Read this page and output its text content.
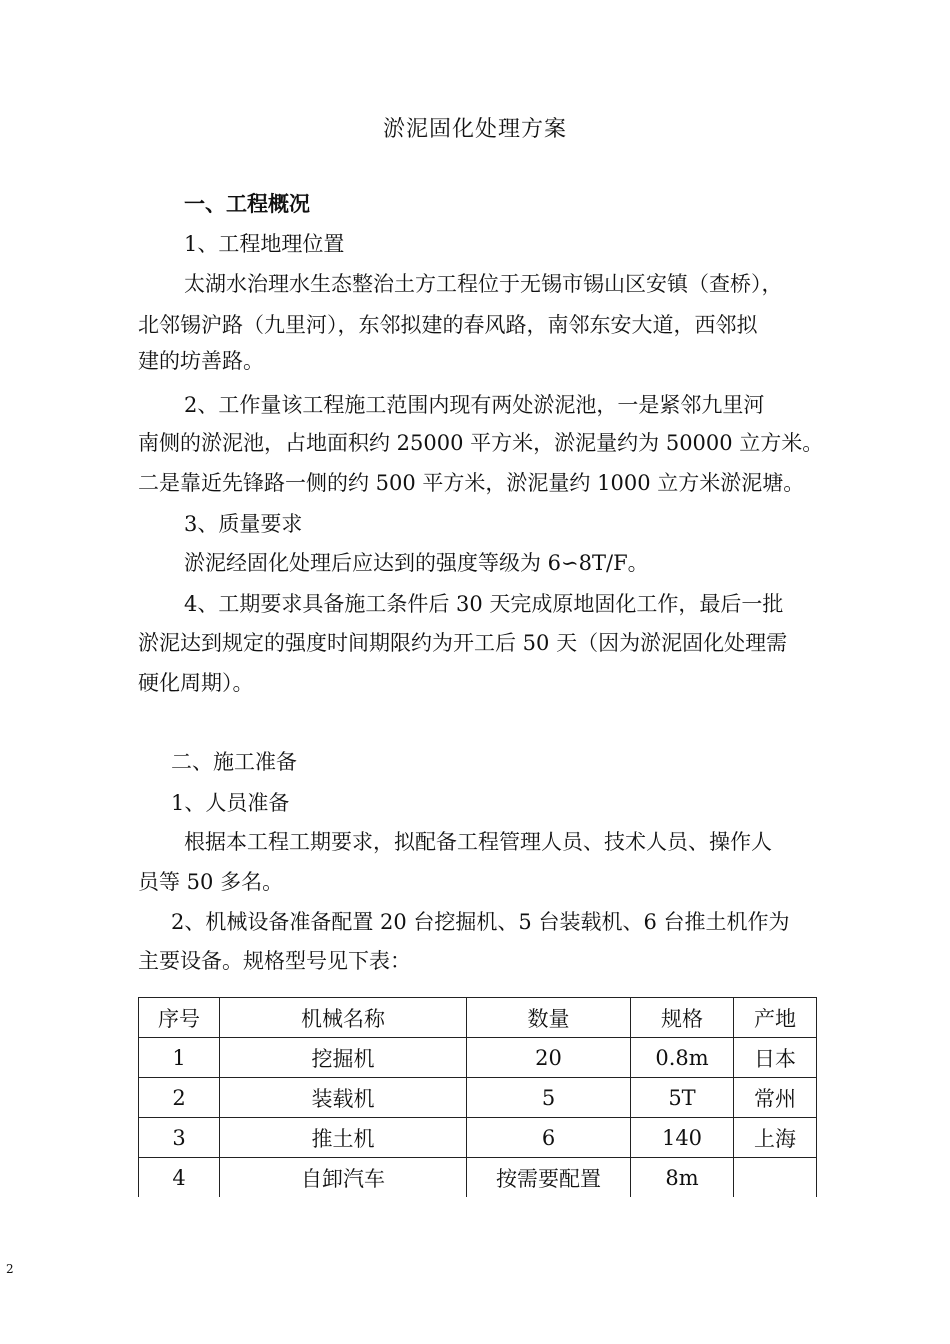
淤泥固化处理方案
一、工程概况
1、工程地理位置
太湖水治理水生态整治土方工程位于无锡市锡山区安镇（查桥），
北邻锡沪路（九里河），东邻拟建的春风路，南邻东安大道，西邻拟
建的坊善路。
2、工作量该工程施工范围内现有两处淤泥池，一是紧邻九里河
南侧的淤泥池，占地面积约 25000 平方米，淤泥量约为 50000 立方米。
二是靠近先锋路一侧的约 500 平方米，淤泥量约 1000 立方米淤泥塘。
3、质量要求
淤泥经固化处理后应达到的强度等级为 6∽8T/F。
4、工期要求具备施工条件后 30 天完成原地固化工作，最后一批
淤泥达到规定的强度时间期限约为开工后 50 天（因为淤泥固化处理需
硬化周期）。
二、施工准备
1、人员准备
根据本工程工期要求，拟配备工程管理人员、技术人员、操作人
员等 50 多名。
2、机械设备准备配置 20 台挖掘机、5 台装载机、6 台推土机作为
主要设备。规格型号见下表：
序号	机械名称	数量	规格	产地
1	挖掘机	20	0.8m	日本
2	装载机	5	5T	常州
3	推土机	6	140	上海
4	自卸汽车	按需要配置	8m	
2
